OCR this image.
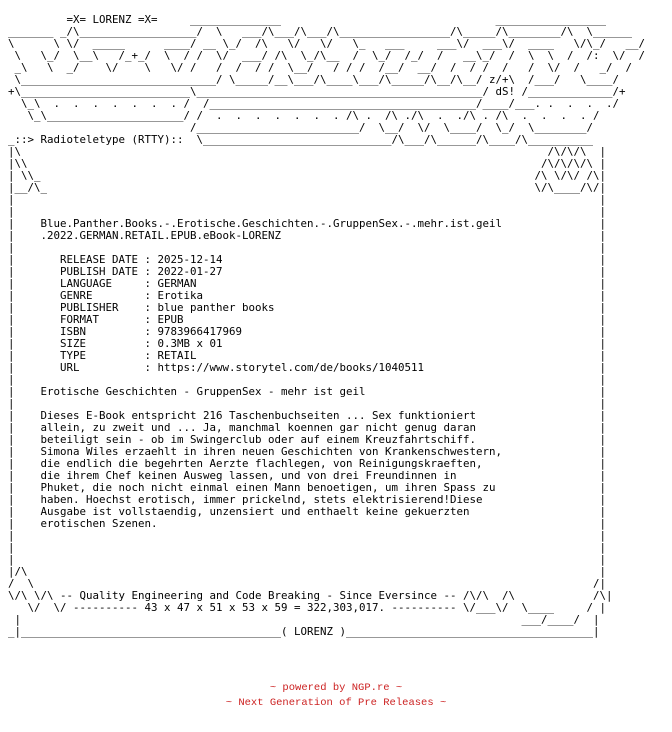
=X= LORENZ =X=     ______________                                 _________________
_______ _/\__________________/  \   ___/\___/\___/\_________________/\_____/\________/\  \______
\      \ \/  _____      ____/ __ \_/  /\   \/   \/   \_   ___     ___\/  ___\/  ____   \/\_/   __/
\   \_/  \__\   /_+_/  \  / /  \/  ___/ /\  \_/\__  /  \_/  /_/  /   __\_/  /  \  \  /  /:  \/  /
_\   \  _/    \/    \   \/ /   /  /  / /  \__/   / / /  /__/  __/  /  / /  /   /  \/  /   _/  /
\______________________________/ \_____/__\___/\____\___/\_____/\__/\__/ z/+\  /___/   \____/
+\__________________________\____________________________________________/ dS! /_____________/+
\_\  .  .  .  .  .  .  . /  /_________________________________________/____/___. .  .  .  ./
\_\_____________________/ /  .  .  .  .  .  .  . /\ .  /\ ./\  .  ./\ . /\  .  .  .  . /
/_________________________/  \__/  \/  \____/  \_/  \________/
_::> Radioteletype (RTTY)::  \_____________________________/\___/\______/\____/\__________
|\                                                                                 /\/\/\  |
|\\                                                                               /\/\/\/\ |
| \\_                                                                            /\ \/\/ /\|
|__/\_                                                                           \/\____/\/|
|                                                                                          |
|                                                                                          |
|    Blue.Panther.Books.-.Erotische.Geschichten.-.GruppenSex.-.mehr.ist.geil               |
|    .2022.GERMAN.RETAIL.EPUB.eBook-LORENZ                                                 |
|                                                                                          |
|       RELEASE DATE : 2025-12-14                                                          |
|       PUBLISH DATE : 2022-01-27                                                          |
|       LANGUAGE     : GERMAN                                                              |
|       GENRE        : Erotika                                                             |
|       PUBLISHER    : blue panther books                                                  |
|       FORMAT       : EPUB                                                                |
|       ISBN         : 9783966417969                                                       |
|       SIZE         : 0.3MB x 01                                                          |
|       TYPE         : RETAIL                                                              |
|       URL          : https://www.storytel.com/de/books/1040511                           |
|                                                                                          |
|    Erotische Geschichten - GruppenSex - mehr ist geil                                    |
|                                                                                          |
|    Dieses E-Book entspricht 216 Taschenbuchseiten ... Sex funktioniert                   |
|    allein, zu zweit und ... Ja, manchmal koennen gar nicht genug daran                   |
|    beteiligt sein - ob im Swingerclub oder auf einem Kreuzfahrtschiff.                   |
|    Simona Wiles erzaehlt in ihren neuen Geschichten von Krankenschwestern,               |
|    die endlich die begehrten Aerzte flachlegen, von Reinigungskraeften,                  |
|    die ihrem Chef keinen Ausweg lassen, und von drei Freundinnen in                      |
|    Phuket, die noch nicht einmal einen Mann benoetigen, um ihren Spass zu                |
|    haben. Hoechst erotisch, immer prickelnd, stets elektrisierend!Diese                  |
|    Ausgabe ist vollstaendig, unzensiert und enthaelt keine gekuerzten                    |
|    erotischen Szenen.                                                                    |
|                                                                                          |
|                                                                                          |
|                                                                                          |
|/\                                                                                        |
/  \                                                                                      /|
\/\ \/\ -- Quality Engineering and Code Breaking - Since Eversince -- /\/\  /\            /\|
\/  \/ ---------- 43 x 47 x 51 x 53 x 59 = 322,303,017. ---------- \/___\/  \____     / |
|                                                                             ___/____/  |
_|________________________________________( LORENZ )______________________________________|
~ powered by NGP.re ~
~ Next Generation of Pre Releases ~
